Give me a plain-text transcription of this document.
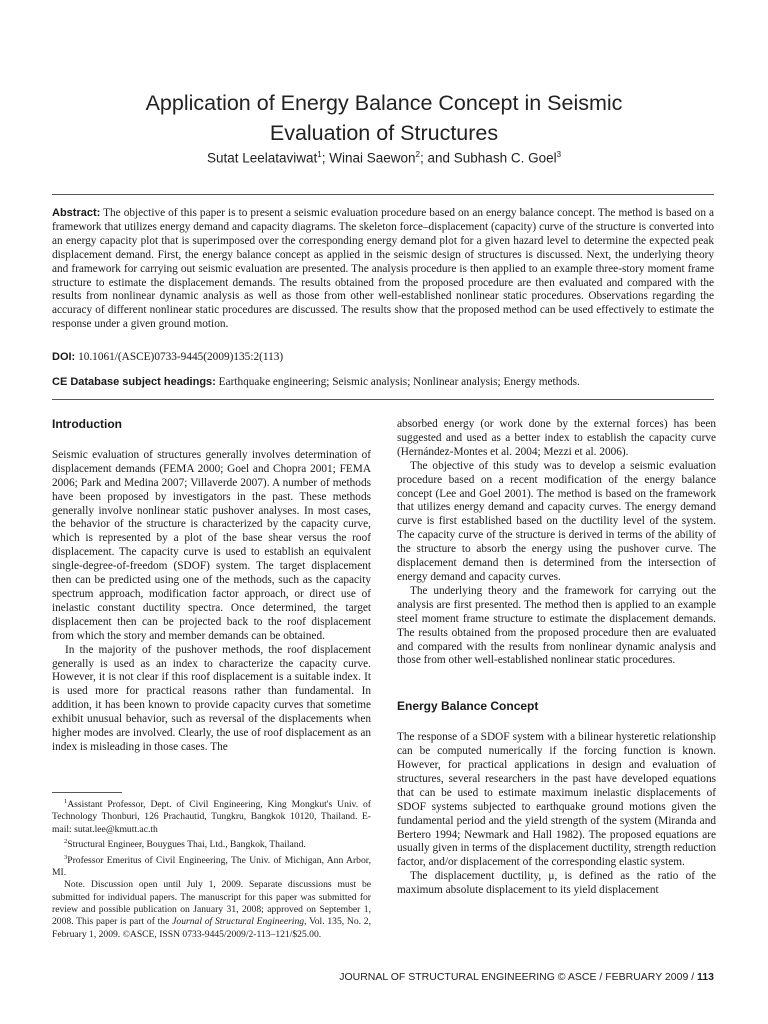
Application of Energy Balance Concept in Seismic
Evaluation of Structures
Sutat Leelataviwat$^1$; Winai Saewon$^2$; and Subhash C. Goel$^3$
Abstract: The objective of this paper is to present a seismic evaluation procedure based on an energy balance concept. The method is based on a framework that utilizes energy demand and capacity diagrams. The skeleton force–displacement (capacity) curve of the structure is converted into an energy capacity plot that is superimposed over the corresponding energy demand plot for a given hazard level to determine the expected peak displacement demand. First, the energy balance concept as applied in the seismic design of structures is discussed. Next, the underlying theory and framework for carrying out seismic evaluation are presented. The analysis procedure is then applied to an example three-story moment frame structure to estimate the displacement demands. The results obtained from the proposed procedure are then evaluated and compared with the results from nonlinear dynamic analysis as well as those from other well-established nonlinear static procedures. Observations regarding the accuracy of different nonlinear static procedures are discussed. The results show that the proposed method can be used effectively to estimate the response under a given ground motion.
DOI: 10.1061/(ASCE)0733-9445(2009)135:2(113)
CE Database subject headings: Earthquake engineering; Seismic analysis; Nonlinear analysis; Energy methods.
Introduction

Seismic evaluation of structures generally involves determination of displacement demands (FEMA 2000; Goel and Chopra 2001; FEMA 2006; Park and Medina 2007; Villaverde 2007). A number of methods have been proposed by investigators in the past. These methods generally involve nonlinear static pushover analyses. In most cases, the behavior of the structure is characterized by the capacity curve, which is represented by a plot of the base shear versus the roof displacement. The capacity curve is used to establish an equivalent single-degree-of-freedom (SDOF) system. The target displacement then can be predicted using one of the methods, such as the capacity spectrum approach, modification factor approach, or direct use of inelastic constant ductility spectra. Once determined, the target displacement then can be projected back to the roof displacement from which the story and member demands can be obtained.

In the majority of the pushover methods, the roof displacement generally is used as an index to characterize the capacity curve. However, it is not clear if this roof displacement is a suitable index. It is used more for practical reasons rather than fundamental. In addition, it has been known to provide capacity curves that sometime exhibit unusual behavior, such as reversal of the displacements when higher modes are involved. Clearly, the use of roof displacement as an index is misleading in those cases. The

$^1$Assistant Professor, Dept. of Civil Engineering, King Mongkut's Univ. of Technology Thonburi, 126 Prachautid, Tungkru, Bangkok 10120, Thailand. E-mail: sutat.lee@kmutt.ac.th

$^2$Structural Engineer, Bouygues Thai, Ltd., Bangkok, Thailand.

$^3$Professor Emeritus of Civil Engineering, The Univ. of Michigan, Ann Arbor, MI.

Note. Discussion open until July 1, 2009. Separate discussions must be submitted for individual papers. The manuscript for this paper was submitted for review and possible publication on January 31, 2008; approved on September 1, 2008. This paper is part of the Journal of Structural Engineering, Vol. 135, No. 2, February 1, 2009. ©ASCE, ISSN 0733-9445/2009/2-113–121/$25.00.

absorbed energy (or work done by the external forces) has been suggested and used as a better index to establish the capacity curve (Hernández-Montes et al. 2004; Mezzi et al. 2006).

The objective of this study was to develop a seismic evaluation procedure based on a recent modification of the energy balance concept (Lee and Goel 2001). The method is based on the framework that utilizes energy demand and capacity curves. The energy demand curve is first established based on the ductility level of the system. The capacity curve of the structure is derived in terms of the ability of the structure to absorb the energy using the pushover curve. The displacement demand then is determined from the intersection of energy demand and capacity curves.

The underlying theory and the framework for carrying out the analysis are first presented. The method then is applied to an example steel moment frame structure to estimate the displacement demands. The results obtained from the proposed procedure then are evaluated and compared with the results from nonlinear dynamic analysis and those from other well-established nonlinear static procedures.

Energy Balance Concept

The response of a SDOF system with a bilinear hysteretic relationship can be computed numerically if the forcing function is known. However, for practical applications in design and evaluation of structures, several researchers in the past have developed equations that can be used to estimate maximum inelastic displacements of SDOF systems subjected to earthquake ground motions given the fundamental period and the yield strength of the system (Miranda and Bertero 1994; Newmark and Hall 1982). The proposed equations are usually given in terms of the displacement ductility, strength reduction factor, and/or displacement of the corresponding elastic system.

The displacement ductility, μ, is defined as the ratio of the maximum absolute displacement to its yield displacement

JOURNAL OF STRUCTURAL ENGINEERING © ASCE / FEBRUARY 2009 / 113
